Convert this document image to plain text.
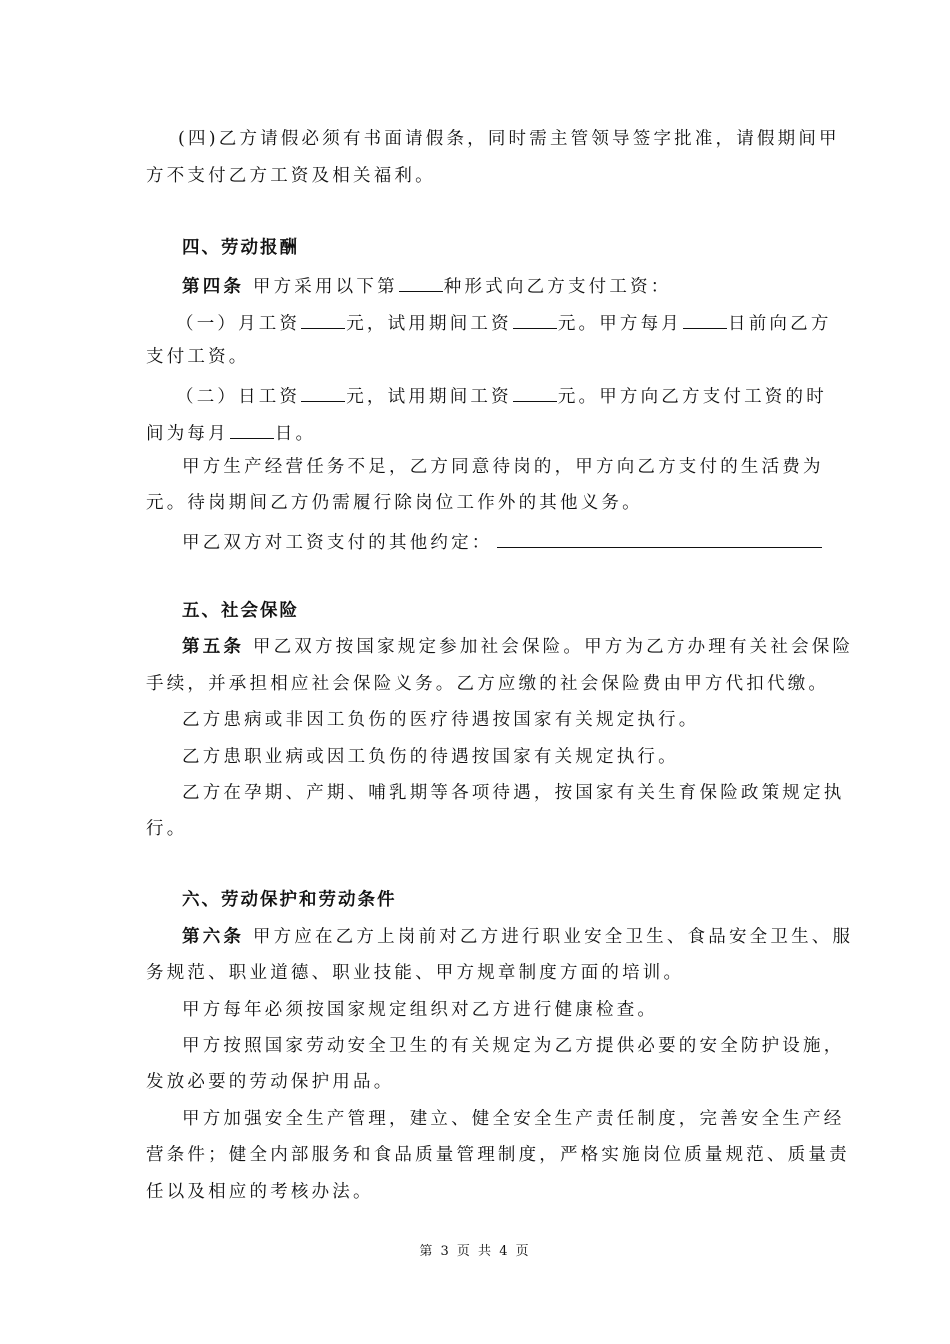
(四)乙方请假必须有书面请假条，同时需主管领导签字批准，请假期间甲
方不支付乙方工资及相关福利。
四、劳动报酬
第四条 甲方采用以下第	种形式向乙方支付工资：
（一）月工资	元，试用期间工资	元。甲方每月	日前向乙方
支付工资。
（二）日工资	元，试用期间工资	元。甲方向乙方支付工资的时
间为每月	日。
甲方生产经营任务不足，乙方同意待岗的，甲方向乙方支付的生活费为
元。待岗期间乙方仍需履行除岗位工作外的其他义务。
甲乙双方对工资支付的其他约定：
五、社会保险
第五条 甲乙双方按国家规定参加社会保险。甲方为乙方办理有关社会保险
手续，并承担相应社会保险义务。乙方应缴的社会保险费由甲方代扣代缴。
乙方患病或非因工负伤的医疗待遇按国家有关规定执行。
乙方患职业病或因工负伤的待遇按国家有关规定执行。
乙方在孕期、产期、哺乳期等各项待遇，按国家有关生育保险政策规定执
行。
六、劳动保护和劳动条件
第六条 甲方应在乙方上岗前对乙方进行职业安全卫生、食品安全卫生、服
务规范、职业道德、职业技能、甲方规章制度方面的培训。
甲方每年必须按国家规定组织对乙方进行健康检查。
甲方按照国家劳动安全卫生的有关规定为乙方提供必要的安全防护设施，
发放必要的劳动保护用品。
甲方加强安全生产管理，建立、健全安全生产责任制度，完善安全生产经
营条件；健全内部服务和食品质量管理制度，严格实施岗位质量规范、质量责
任以及相应的考核办法。
第 3 页 共 4 页
